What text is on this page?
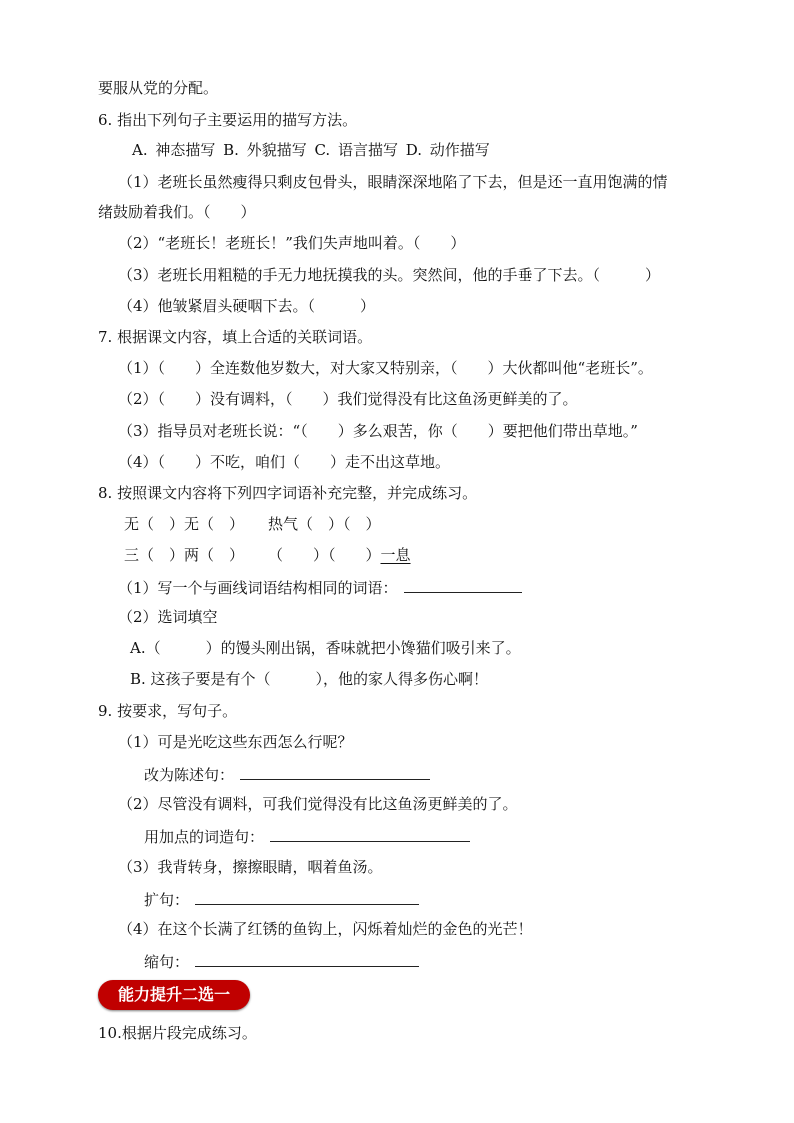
要服从党的分配。
6. 指出下列句子主要运用的描写方法。
A. 神态描写 B. 外貌描写 C. 语言描写 D. 动作描写
（1）老班长虽然瘦得只剩皮包骨头，眼睛深深地陷了下去，但是还一直用饱满的情
绪鼓励着我们。（　　）
（2）“老班长！老班长！”我们失声地叫着。（　　）
（3）老班长用粗糙的手无力地抚摸我的头。突然间，他的手垂了下去。（　　　）
（4）他皱紧眉头硬咽下去。（　　　）
7. 根据课文内容，填上合适的关联词语。
（1）（　　）全连数他岁数大，对大家又特别亲，（　　）大伙都叫他“老班长”。
（2）（　　）没有调料，（　　）我们觉得没有比这鱼汤更鲜美的了。
（3）指导员对老班长说：“（　　）多么艰苦，你（　　）要把他们带出草地。”
（4）（　　）不吃，咱们（　　）走不出这草地。
8. 按照课文内容将下列四字词语补充完整，并完成练习。
无（　）无（　） 热气（　）（　）
三（　）两（　） （　　）（　　）一息
（1）写一个与画线词语结构相同的词语：
（2）选词填空
A.（　　　）的馒头刚出锅，香味就把小馋猫们吸引来了。
B. 这孩子要是有个（　　　），他的家人得多伤心啊！
9. 按要求，写句子。
（1）可是光吃这些东西怎么行呢？
改为陈述句：
（2）尽管没有调料，可我们觉得没有比这鱼汤更鲜美的了。
用加点的词造句：
（3）我背转身，擦擦眼睛，咽着鱼汤。
扩句：
（4）在这个长满了红锈的鱼钩上，闪烁着灿烂的金色的光芒！
缩句：
能力提升二选一
10.根据片段完成练习。
